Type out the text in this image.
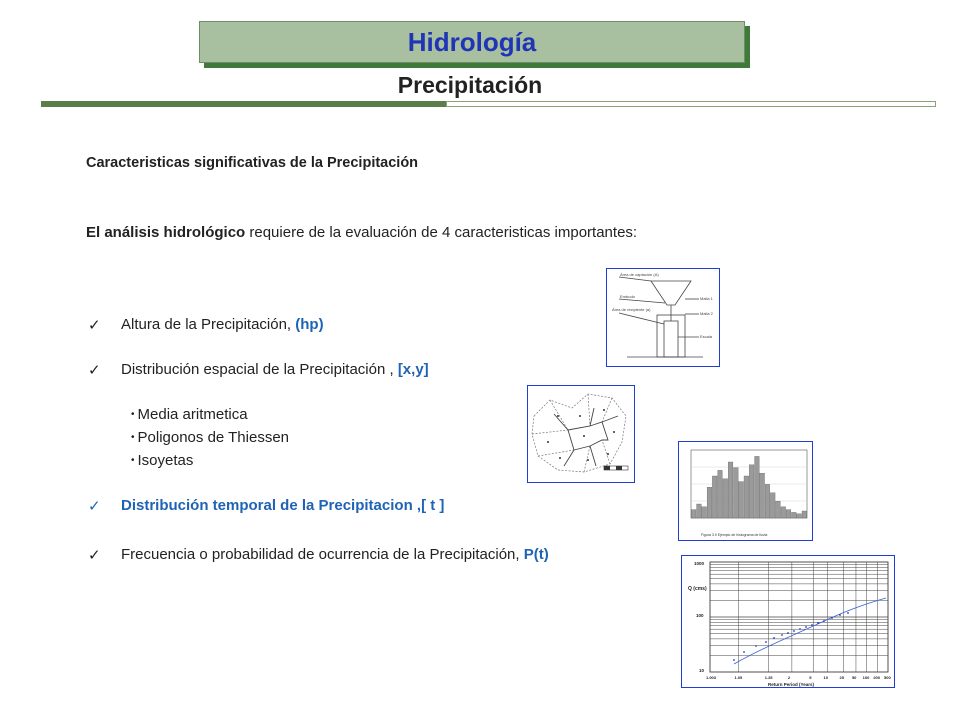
Hidrología
Precipitación
Caracteristicas significativas de la Precipitación
El análisis hidrológico requiere de la evaluación de 4 caracteristicas importantes:
✓ Altura de la Precipitación, (hp)
✓ Distribución espacial de la Precipitación , [x,y]
• Media aritmetica
• Poligonos de Thiessen
• Isoyetas
✓ Distribución temporal de la Precipitacion ,[ t ]
✓ Frecuencia o probabilidad de ocurrencia de la Precipitación, P(t)
Área de captación (A)
Embudo
Área de recipiente (a)
Malla 1
Malla 2
Escala
Figura 3.9 Ejemplo de histograma de lluvia
Q (cms)
1000
100
10
1.003	1.05	1.25	2	5	10	25 50 100 200 500
Return Period (Years)
